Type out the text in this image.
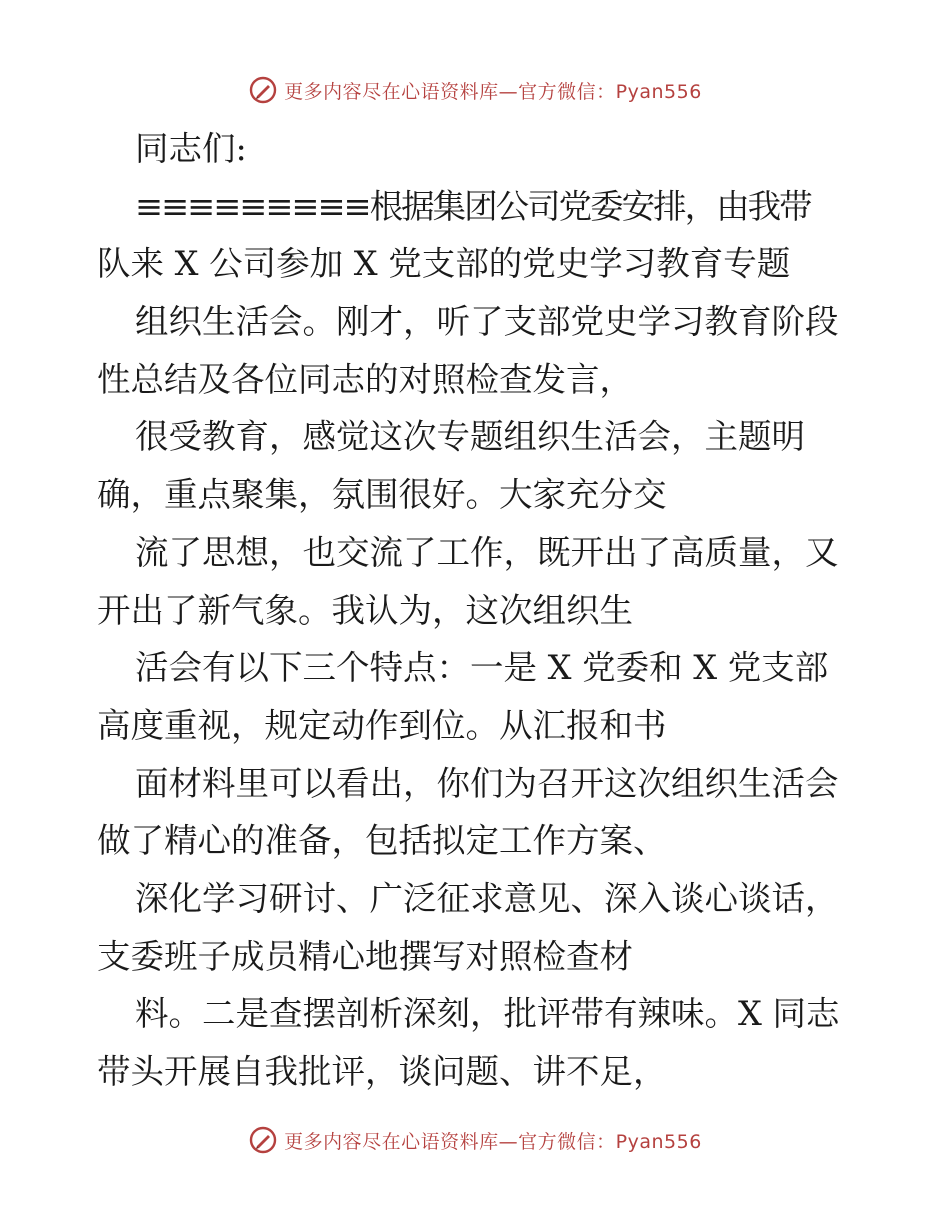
更多内容尽在心语资料库—官方微信：Pyan556
同志们:
≡≡≡≡≡≡≡≡≡根据集团公司党委安排，由我带
队来 X 公司参加 X 党支部的党史学习教育专题
组织生活会。刚才，听了支部党史学习教育阶段
性总结及各位同志的对照检查发言，
很受教育，感觉这次专题组织生活会，主题明
确，重点聚集，氛围很好。大家充分交
流了思想，也交流了工作，既开出了高质量，又
开出了新气象。我认为，这次组织生
活会有以下三个特点：一是 X 党委和 X 党支部
高度重视，规定动作到位。从汇报和书
面材料里可以看出，你们为召开这次组织生活会
做了精心的准备，包括拟定工作方案、
深化学习研讨、广泛征求意见、深入谈心谈话，
支委班子成员精心地撰写对照检查材
料。二是查摆剖析深刻，批评带有辣味。X 同志
带头开展自我批评，谈问题、讲不足，
更多内容尽在心语资料库—官方微信：Pyan556
